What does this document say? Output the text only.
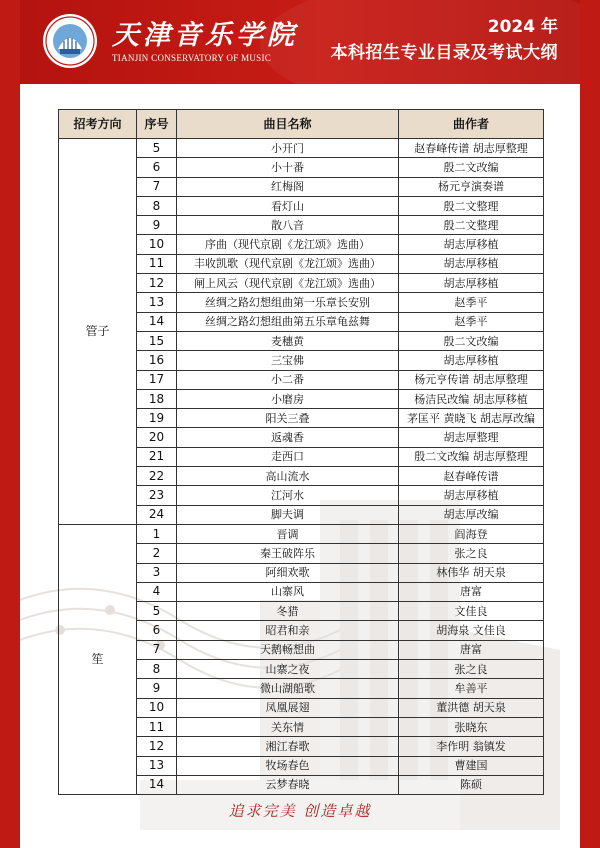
天津音乐学院
TIANJIN CONSERVATORY OF MUSIC
2024 年
本科招生专业目录及考试大纲
招考方向	序号	曲目名称	曲作者
管子	5	小开门	赵春峰传谱 胡志厚整理
	6	小十番	殷二文改编
	7	红梅阁	杨元亨演奏谱
	8	看灯山	殷二文整理
	9	散八音	殷二文整理
	10	序曲（现代京剧《龙江颂》选曲）	胡志厚移植
	11	丰收凯歌（现代京剧《龙江颂》选曲）	胡志厚移植
	12	闸上风云（现代京剧《龙江颂》选曲）	胡志厚移植
	13	丝绸之路幻想组曲第一乐章长安别	赵季平
	14	丝绸之路幻想组曲第五乐章龟兹舞	赵季平
	15	麦穗黄	殷二文改编
	16	三宝佛	胡志厚移植
	17	小二番	杨元亨传谱 胡志厚整理
	18	小磨房	杨洁民改编 胡志厚移植
	19	阳关三叠	茅匡平 黄晓飞 胡志厚改编
	20	返魂香	胡志厚整理
	21	走西口	殷二文改编 胡志厚整理
	22	高山流水	赵春峰传谱
	23	江河水	胡志厚移植
	24	脚夫调	胡志厚改编
笙	1	晋调	阎海登
	2	秦王破阵乐	张之良
	3	阿细欢歌	林伟华 胡天泉
	4	山寨风	唐富
	5	冬猎	文佳良
	6	昭君和亲	胡海泉 文佳良
	7	天鹅畅想曲	唐富
	8	山寨之夜	张之良
	9	微山湖船歌	牟善平
	10	凤凰展翅	董洪德 胡天泉
	11	关东情	张晓东
	12	湘江春歌	李作明 翁镇发
	13	牧场春色	曹建国
	14	云梦春晓	陈硕
追求完美 创造卓越
